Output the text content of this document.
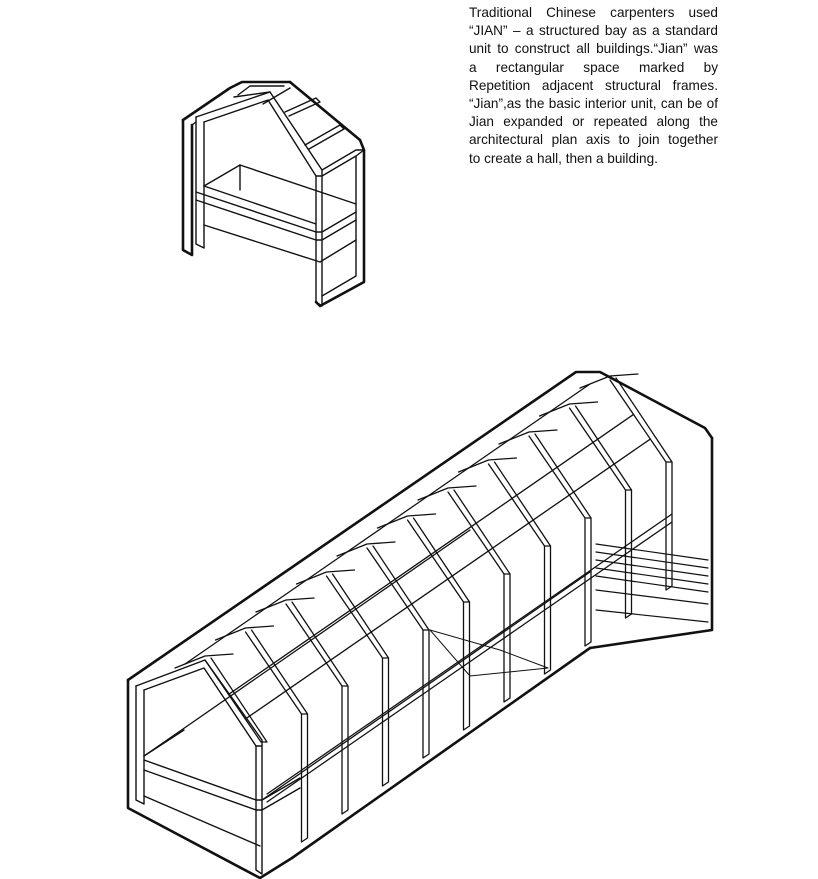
Traditional Chinese carpenters used
“JIAN” – a structured bay as a standard
unit to construct all buildings.“Jian” was
a rectangular space marked by
Repetition adjacent structural frames.
“Jian”,as the basic interior unit, can be of
Jian expanded or repeated along the
architectural plan axis to join together
to create a hall, then a building.
